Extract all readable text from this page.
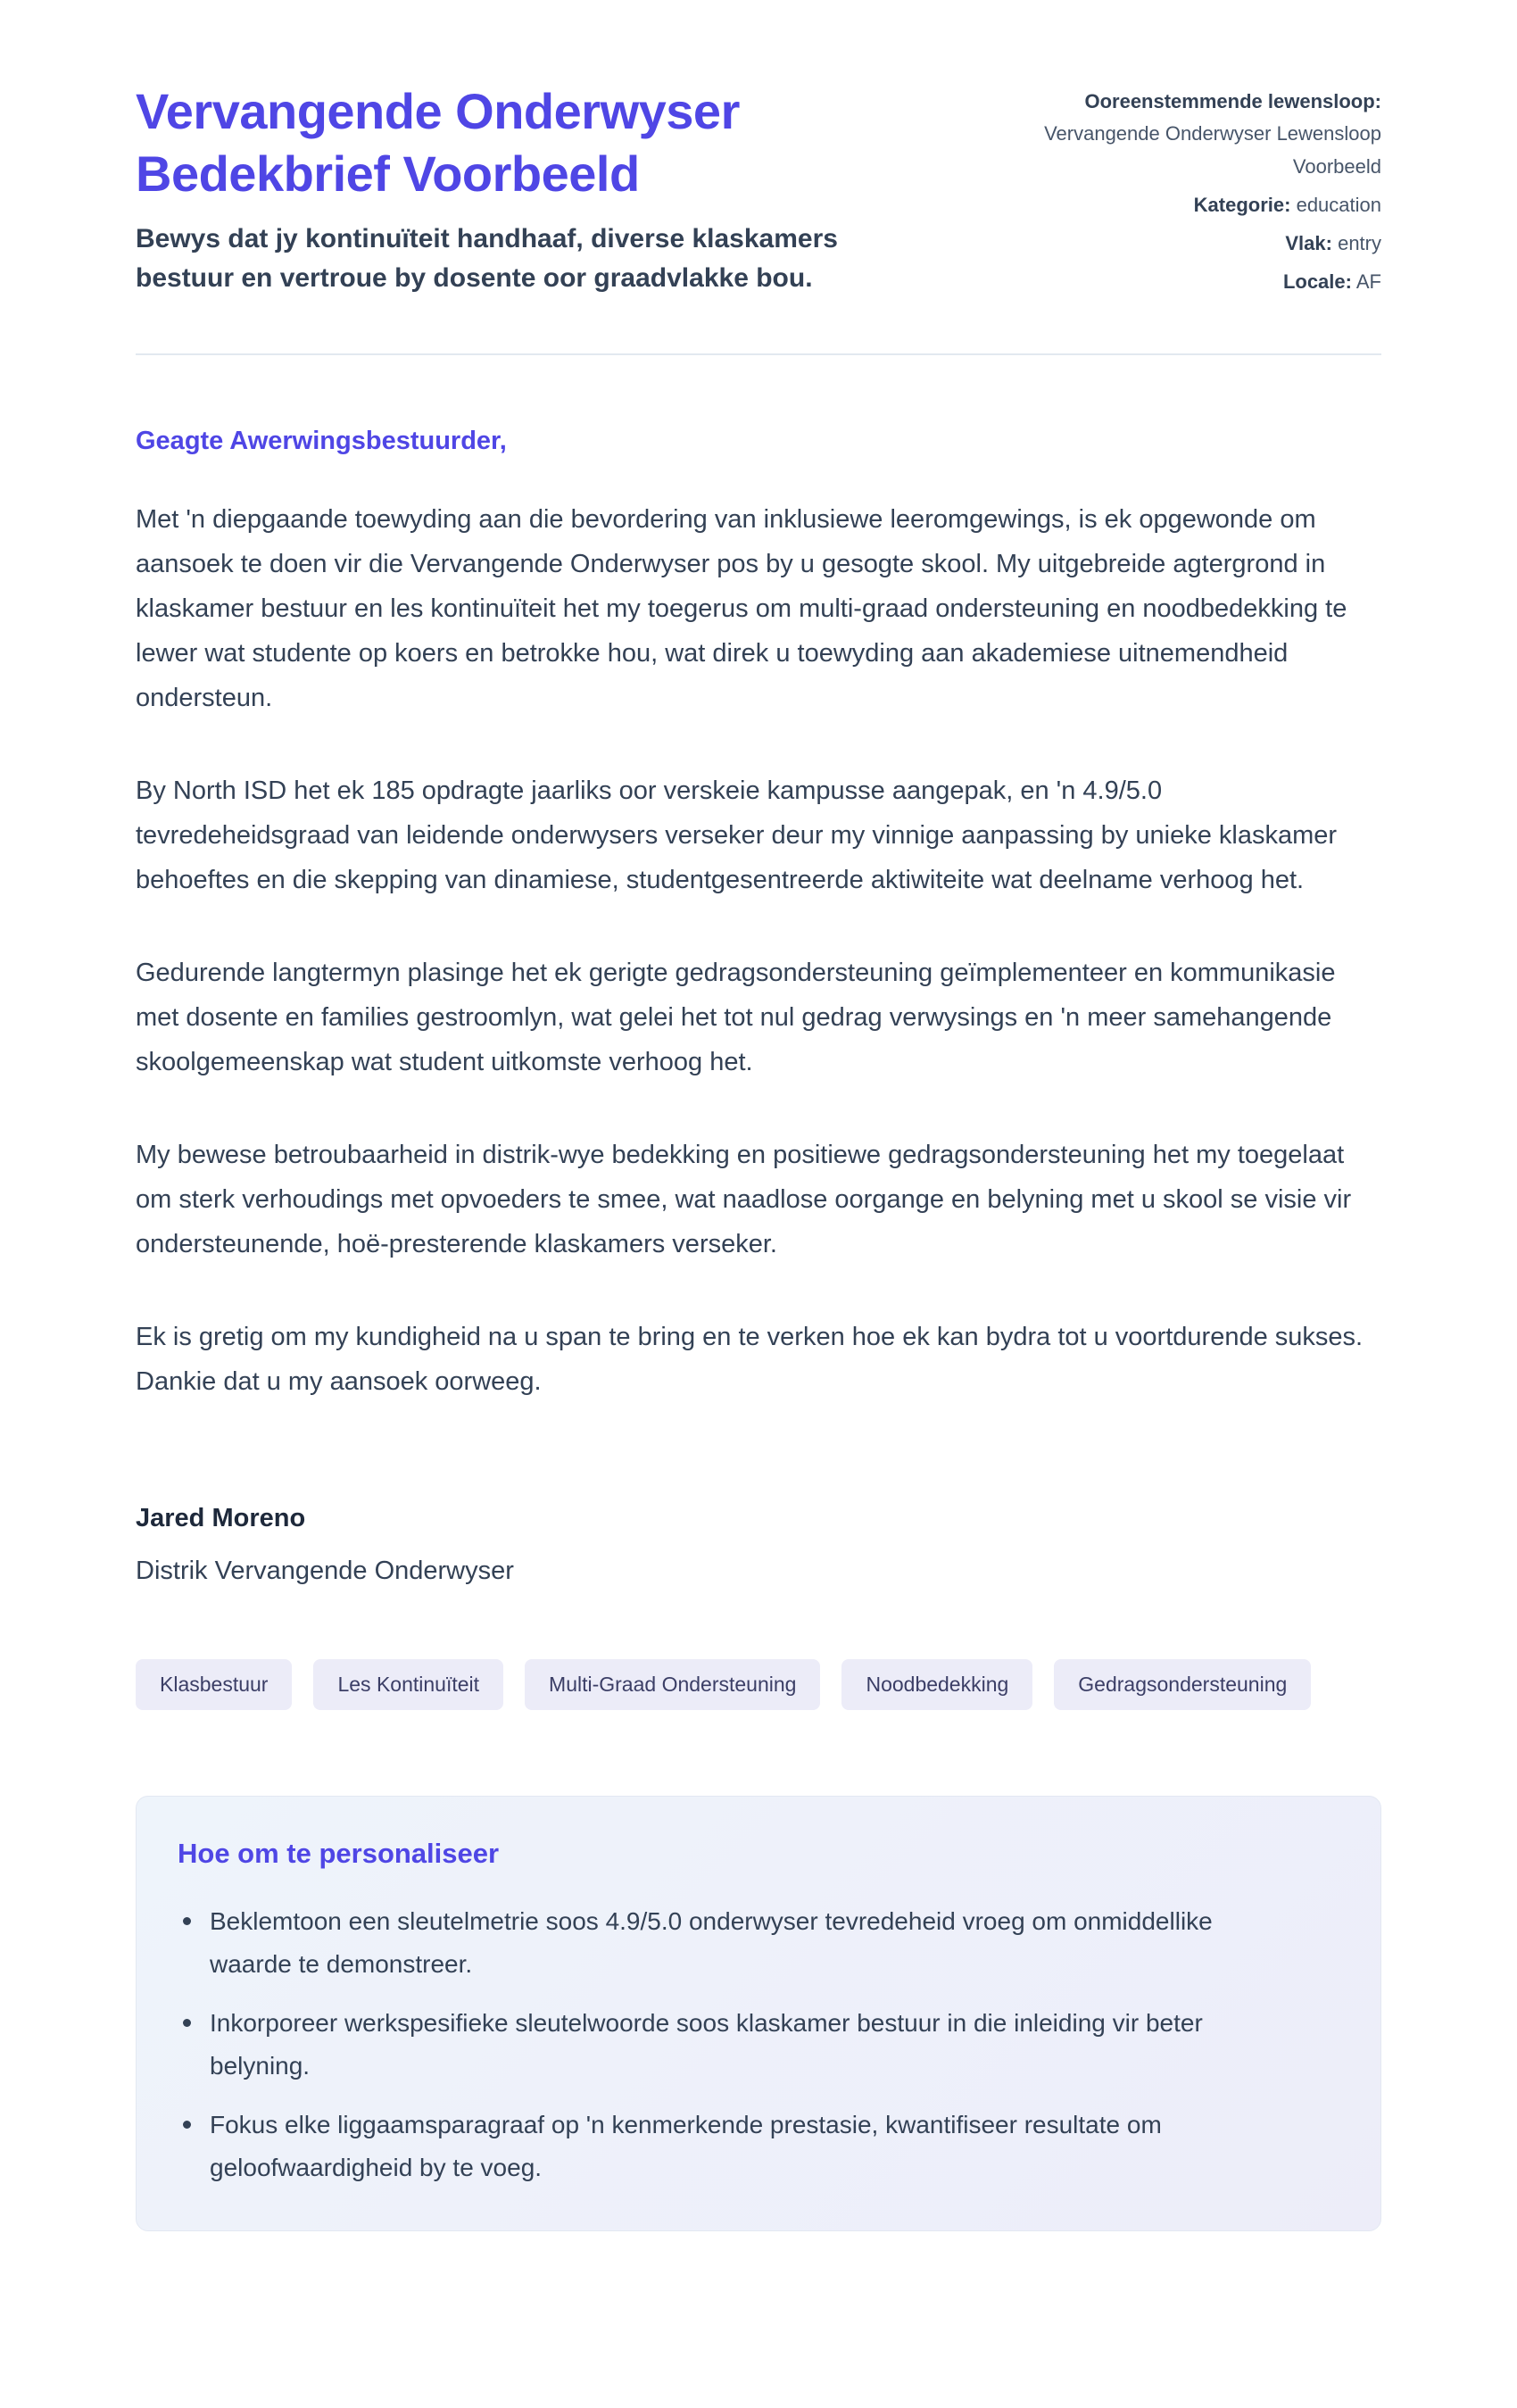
Vervangende Onderwyser Bedekbrief Voorbeeld

Bewys dat jy kontinuïteit handhaaf, diverse klaskamers bestuur en vertroue by dosente oor graadvlakke bou.

Ooreenstemmende lewensloop:
Vervangende Onderwyser Lewensloop Voorbeeld
Kategorie: education
Vlak: entry
Locale: AF

Geagte Awerwingsbestuurder,

Met 'n diepgaande toewyding aan die bevordering van inklusiewe leeromgewings, is ek opgewonde om aansoek te doen vir die Vervangende Onderwyser pos by u gesogte skool. My uitgebreide agtergrond in klaskamer bestuur en les kontinuïteit het my toegerus om multi-graad ondersteuning en noodbedekking te lewer wat studente op koers en betrokke hou, wat direk u toewyding aan akademiese uitnemendheid ondersteun.

By North ISD het ek 185 opdragte jaarliks oor verskeie kampusse aangepak, en 'n 4.9/5.0 tevredeheidsgraad van leidende onderwysers verseker deur my vinnige aanpassing by unieke klaskamer behoeftes en die skepping van dinamiese, studentgesentreerde aktiwiteite wat deelname verhoog het.

Gedurende langtermyn plasinge het ek gerigte gedragsondersteuning geïmplementeer en kommunikasie met dosente en families gestroomlyn, wat gelei het tot nul gedrag verwysings en 'n meer samehangende skoolgemeenskap wat student uitkomste verhoog het.

My bewese betroubaarheid in distrik-wye bedekking en positiewe gedragsondersteuning het my toegelaat om sterk verhoudings met opvoeders te smee, wat naadlose oorgange en belyning met u skool se visie vir ondersteunende, hoë-presterende klaskamers verseker.

Ek is gretig om my kundigheid na u span te bring en te verken hoe ek kan bydra tot u voortdurende sukses. Dankie dat u my aansoek oorweeg.

Jared Moreno

Distrik Vervangende Onderwyser

Klasbestuur	Les Kontinuïteit	Multi-Graad Ondersteuning	Noodbedekking	Gedragsondersteuning
Hoe om te personaliseer
Beklemtoon een sleutelmetrie soos 4.9/5.0 onderwyser tevredeheid vroeg om onmiddellike waarde te demonstreer.
Inkorporeer werkspesifieke sleutelwoorde soos klaskamer bestuur in die inleiding vir beter belyning.
Fokus elke liggaamsparagraaf op 'n kenmerkende prestasie, kwantifiseer resultate om geloofwaardigheid by te voeg.
